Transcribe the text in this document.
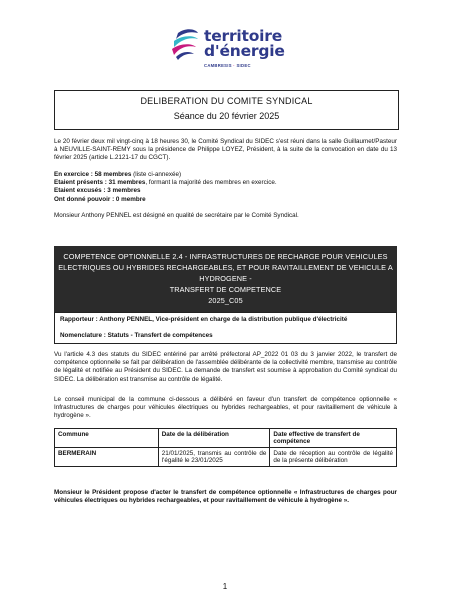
territoire
d'énergie
CAMBRESIS · SIDEC
DELIBERATION DU COMITE SYNDICAL
Séance du 20 février 2025
Le 20 février deux mil vingt-cinq à 18 heures 30, le Comité Syndical du SIDEC s'est réuni dans la salle Guillaumet/Pasteur à NEUVILLE-SAINT-REMY sous la présidence de Philippe LOYEZ, Président, à la suite de la convocation en date du 13 février 2025 (article L.2121-17 du CGCT).
En exercice : 58 membres (liste ci-annexée)
Etaient présents : 31 membres, formant la majorité des membres en exercice.
Etaient excusés : 3 membres
Ont donné pouvoir : 0 membre
Monsieur Anthony PENNEL est désigné en qualité de secrétaire par le Comité Syndical.
COMPETENCE OPTIONNELLE 2.4 - INFRASTRUCTURES DE RECHARGE POUR VEHICULES
ELECTRIQUES OU HYBRIDES RECHARGEABLES, ET POUR RAVITAILLEMENT DE VEHICULE A
HYDROGENE -
TRANSFERT DE COMPETENCE
2025_C05
Rapporteur : Anthony PENNEL, Vice-président en charge de la distribution publique d'électricité
Nomenclature : Statuts - Transfert de compétences
Vu l'article 4.3 des statuts du SIDEC entériné par arrêté préfectoral AP_2022 01 03 du 3 janvier 2022, le transfert de compétence optionnelle se fait par délibération de l'assemblée délibérante de la collectivité membre, transmise au contrôle de légalité et notifiée au Président du SIDEC. La demande de transfert est soumise à approbation du Comité syndical du SIDEC. La délibération est transmise au contrôle de légalité.
Le conseil municipal de la commune ci-dessous a délibéré en faveur d'un transfert de compétence optionnelle « Infrastructures de charges pour véhicules électriques ou hybrides rechargeables, et pour ravitaillement de véhicule à hydrogène ».
Commune	Date de la délibération	Date effective de transfert de compétence
BERMERAIN	21/01/2025, transmis au contrôle de l'égalité le 23/01/2025	Date de réception au contrôle de légalité de la présente délibération
Monsieur le Président propose d'acter le transfert de compétence optionnelle « Infrastructures de charges pour véhicules électriques ou hybrides rechargeables, et pour ravitaillement de véhicule à hydrogène ».
1
